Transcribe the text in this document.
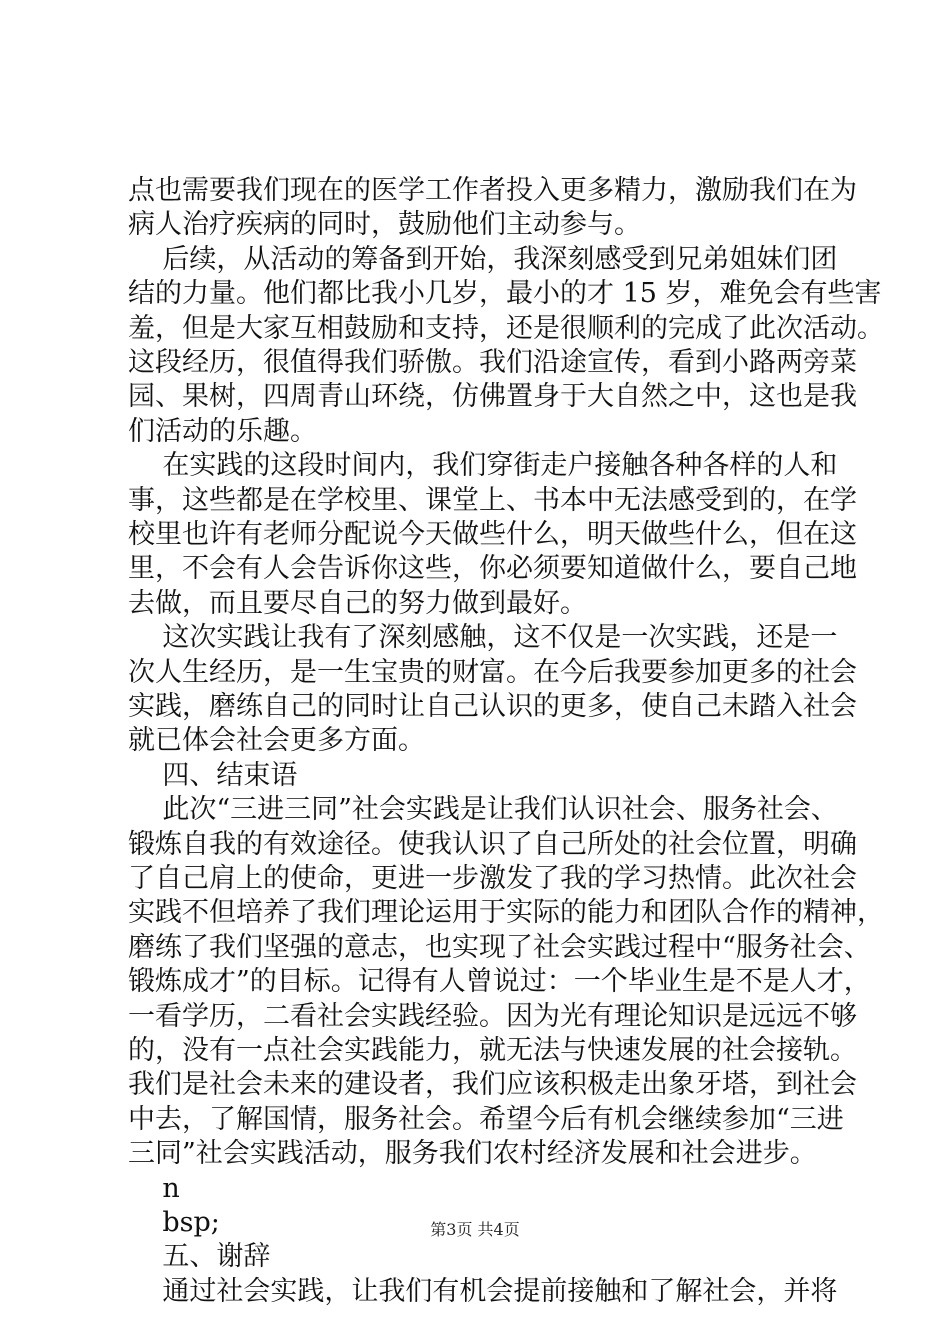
点也需要我们现在的医学工作者投入更多精力，激励我们在为
病人治疗疾病的同时，鼓励他们主动参与。
后续，从活动的筹备到开始，我深刻感受到兄弟姐妹们团
结的力量。他们都比我小几岁，最小的才 15 岁，难免会有些害
羞，但是大家互相鼓励和支持，还是很顺利的完成了此次活动。
这段经历，很值得我们骄傲。我们沿途宣传，看到小路两旁菜
园、果树，四周青山环绕，仿佛置身于大自然之中，这也是我
们活动的乐趣。
在实践的这段时间内，我们穿街走户接触各种各样的人和
事，这些都是在学校里、课堂上、书本中无法感受到的，在学
校里也许有老师分配说今天做些什么，明天做些什么，但在这
里，不会有人会告诉你这些，你必须要知道做什么，要自己地
去做，而且要尽自己的努力做到最好。
这次实践让我有了深刻感触，这不仅是一次实践，还是一
次人生经历，是一生宝贵的财富。在今后我要参加更多的社会
实践，磨练自己的同时让自己认识的更多，使自己未踏入社会
就已体会社会更多方面。
四、结束语
此次“三进三同”社会实践是让我们认识社会、服务社会、
锻炼自我的有效途径。使我认识了自己所处的社会位置，明确
了自己肩上的使命，更进一步激发了我的学习热情。此次社会
实践不但培养了我们理论运用于实际的能力和团队合作的精神，
磨练了我们坚强的意志，也实现了社会实践过程中“服务社会、
锻炼成才”的目标。记得有人曾说过：一个毕业生是不是人才，
一看学历，二看社会实践经验。因为光有理论知识是远远不够
的，没有一点社会实践能力，就无法与快速发展的社会接轨。
我们是社会未来的建设者，我们应该积极走出象牙塔，到社会
中去，了解国情，服务社会。希望今后有机会继续参加“三进
三同”社会实践活动，服务我们农村经济发展和社会进步。
n
bsp;
五、谢辞
通过社会实践，让我们有机会提前接触和了解社会，并将
第3页 共4页
